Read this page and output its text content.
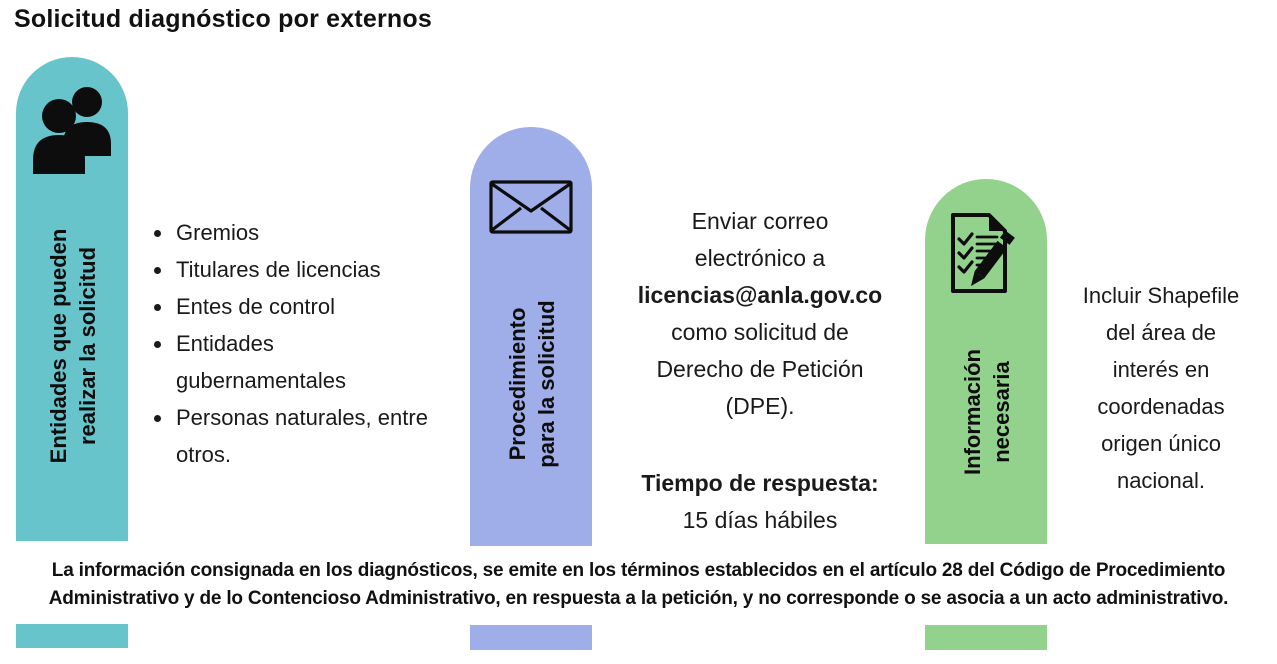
Solicitud diagnóstico por externos
Entidades que pueden realizar la solicitud	Procedimiento para la solicitud	Información necesaria
• Gremios
• Titulares de licencias
• Entes de control
• Entidades gubernamentales
• Personas naturales, entre otros.
Enviar correo
electrónico a
licencias@anla.gov.co
como solicitud de
Derecho de Petición
(DPE).
Tiempo de respuesta:
15 días hábiles
Incluir Shapefile
del área de
interés en
coordenadas
origen único
nacional.
La información consignada en los diagnósticos, se emite en los términos establecidos en el artículo 28 del Código de Procedimiento
Administrativo y de lo Contencioso Administrativo, en respuesta a la petición, y no corresponde o se asocia a un acto administrativo.
